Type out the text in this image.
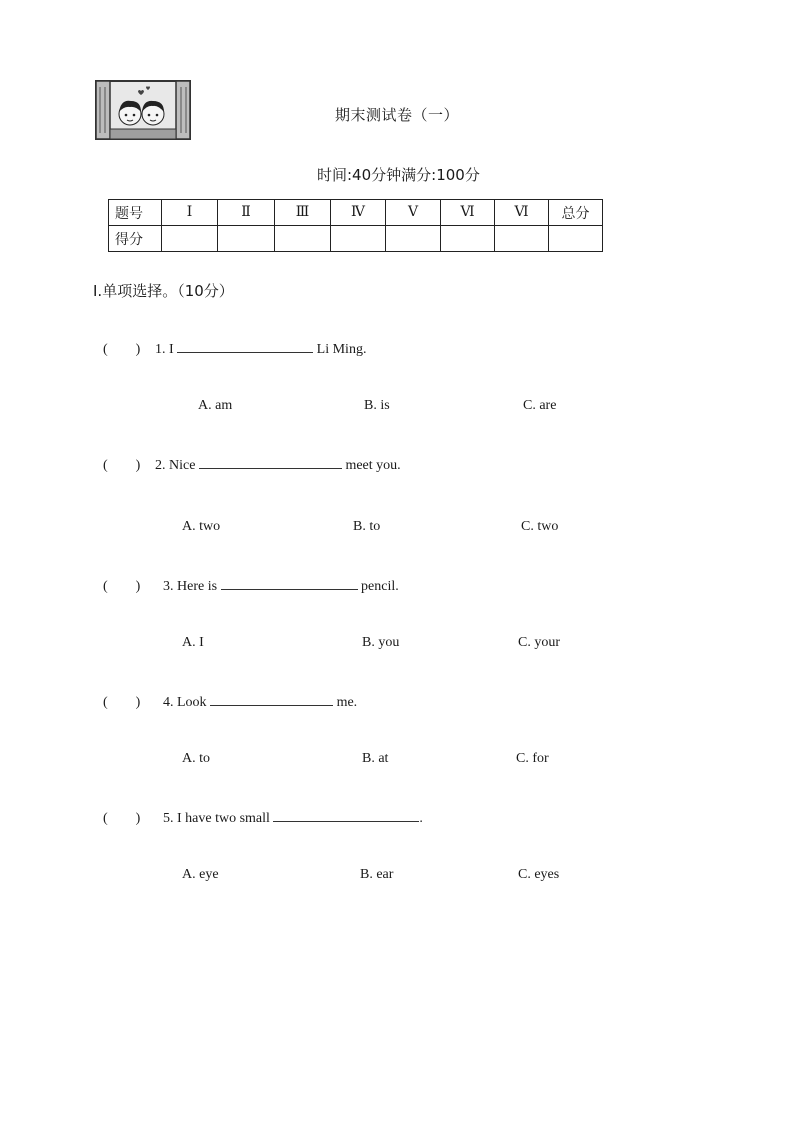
期末测试卷（一）
时间:40分钟满分:100分
题号	Ⅰ	Ⅱ	Ⅲ	Ⅳ	Ⅴ	Ⅵ	Ⅵ	总分
得分								
I.单项选择。（10分）
(        ) 1. I	Li Ming.
A. am	B. is	C. are
(        ) 2. Nice	meet you.
A. two	B. to	C. two
(        ) 3. Here is	pencil.
A. I	B. you	C. your
(        ) 4. Look	me.
A. to	B. at	C. for
(        ) 5. I have two small	.
A. eye	B. ear	C. eyes
